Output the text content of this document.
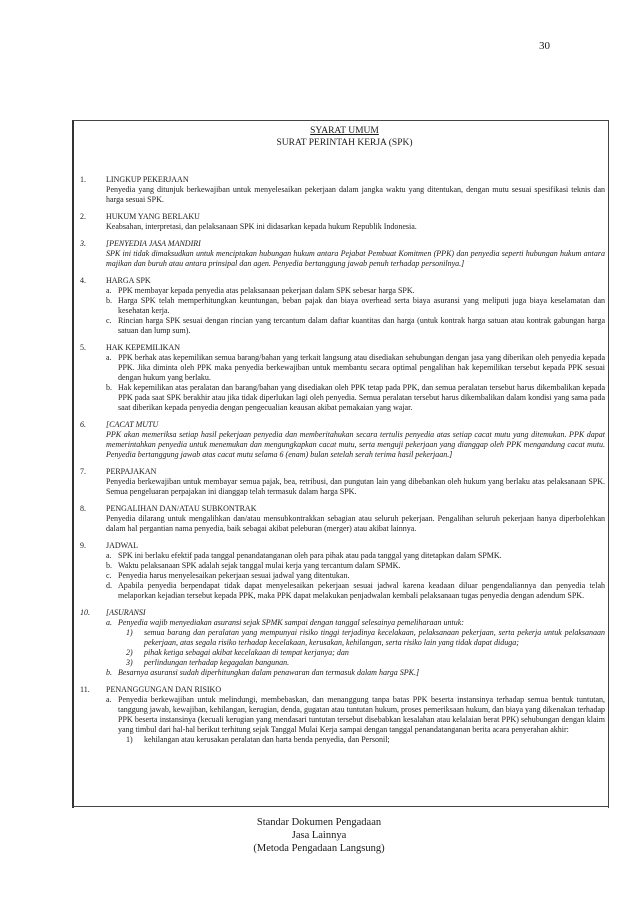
30
SYARAT UMUM
SURAT PERINTAH KERJA (SPK)
1.	LINGKUP PEKERJAAN
Penyedia yang ditunjuk berkewajiban untuk menyelesaikan pekerjaan dalam jangka waktu yang ditentukan, dengan mutu sesuai spesifikasi teknis dan harga sesuai SPK.
2.	HUKUM YANG BERLAKU
Keabsahan, interpretasi, dan pelaksanaan SPK ini didasarkan kepada hukum Republik Indonesia.
3.	[PENYEDIA JASA MANDIRI
SPK ini tidak dimaksudkan untuk menciptakan hubungan hukum antara Pejabat Pembuat Komitmen (PPK) dan penyedia seperti hubungan hukum antara majikan dan buruh atau antara prinsipal dan agen. Penyedia bertanggung jawab penuh terhadap personilnya.]
4.	HARGA SPK
a. PPK membayar kepada penyedia atas pelaksanaan pekerjaan dalam SPK sebesar harga SPK.
b. Harga SPK telah memperhitungkan keuntungan, beban pajak dan biaya overhead serta biaya asuransi yang meliputi juga biaya keselamatan dan kesehatan kerja.
c. Rincian harga SPK sesuai dengan rincian yang tercantum dalam daftar kuantitas dan harga (untuk kontrak harga satuan atau kontrak gabungan harga satuan dan lump sum).
5.	HAK KEPEMILIKAN
a. PPK berhak atas kepemilikan semua barang/bahan yang terkait langsung atau disediakan sehubungan dengan jasa yang diberikan oleh penyedia kepada PPK. Jika diminta oleh PPK maka penyedia berkewajiban untuk membantu secara optimal pengalihan hak kepemilikan tersebut kepada PPK sesuai dengan hukum yang berlaku.
b. Hak kepemilikan atas peralatan dan barang/bahan yang disediakan oleh PPK tetap pada PPK, dan semua peralatan tersebut harus dikembalikan kepada PPK pada saat SPK berakhir atau jika tidak diperlukan lagi oleh penyedia. Semua peralatan tersebut harus dikembalikan dalam kondisi yang sama pada saat diberikan kepada penyedia dengan pengecualian keausan akibat pemakaian yang wajar.
6.	[CACAT MUTU
PPK akan memeriksa setiap hasil pekerjaan penyedia dan memberitahukan secara tertulis penyedia atas setiap cacat mutu yang ditemukan. PPK dapat memerintahkan penyedia untuk menemukan dan mengungkapkan cacat mutu, serta menguji pekerjaan yang dianggap oleh PPK mengandung cacat mutu. Penyedia bertanggung jawab atas cacat mutu selama 6 (enam) bulan setelah serah terima hasil pekerjaan.]
7.	PERPAJAKAN
Penyedia berkewajiban untuk membayar semua pajak, bea, retribusi, dan pungutan lain yang dibebankan oleh hukum yang berlaku atas pelaksanaan SPK. Semua pengeluaran perpajakan ini dianggap telah termasuk dalam harga SPK.
8.	PENGALIHAN DAN/ATAU SUBKONTRAK
Penyedia dilarang untuk mengalihkan dan/atau mensubkontrakkan sebagian atau seluruh pekerjaan. Pengalihan seluruh pekerjaan hanya diperbolehkan dalam hal pergantian nama penyedia, baik sebagai akibat peleburan (merger) atau akibat lainnya.
9.	JADWAL
a. SPK ini berlaku efektif pada tanggal penandatanganan oleh para pihak atau pada tanggal yang ditetapkan dalam SPMK.
b. Waktu pelaksanaan SPK adalah sejak tanggal mulai kerja yang tercantum dalam SPMK.
c. Penyedia harus menyelesaikan pekerjaan sesuai jadwal yang ditentukan.
d. Apabila penyedia berpendapat tidak dapat menyelesaikan pekerjaan sesuai jadwal karena keadaan diluar pengendaliannya dan penyedia telah melaporkan kejadian tersebut kepada PPK, maka PPK dapat melakukan penjadwalan kembali pelaksanaan tugas penyedia dengan adendum SPK.
10.	[ASURANSI
a. Penyedia wajib menyediakan asuransi sejak SPMK sampai dengan tanggal selesainya pemeliharaan untuk:
1)	semua barang dan peralatan yang mempunyai risiko tinggi terjadinya kecelakaan, pelaksanaan pekerjaan, serta pekerja untuk pelaksanaan pekerjaan, atas segala risiko terhadap kecelakaan, kerusakan, kehilangan, serta risiko lain yang tidak dapat diduga;
2)	pihak ketiga sebagai akibat kecelakaan di tempat kerjanya; dan
3)	perlindungan terhadap kegagalan bangunan.
b. Besarnya asuransi sudah diperhitungkan dalam penawaran dan termasuk dalam harga SPK.]
11.	PENANGGUNGAN DAN RISIKO
a. Penyedia berkewajiban untuk melindungi, membebaskan, dan menanggung tanpa batas PPK beserta instansinya terhadap semua bentuk tuntutan, tanggung jawab, kewajiban, kehilangan, kerugian, denda, gugatan atau tuntutan hukum, proses pemeriksaan hukum, dan biaya yang dikenakan terhadap PPK beserta instansinya (kecuali kerugian yang mendasari tuntutan tersebut disebabkan kesalahan atau kelalaian berat PPK) sehubungan dengan klaim yang timbul dari hal-hal berikut terhitung sejak Tanggal Mulai Kerja sampai dengan tanggal penandatanganan berita acara penyerahan akhir:
1)	kehilangan atau kerusakan peralatan dan harta benda penyedia, dan Personil;
Standar Dokumen Pengadaan
Jasa Lainnya
(Metoda Pengadaan Langsung)
